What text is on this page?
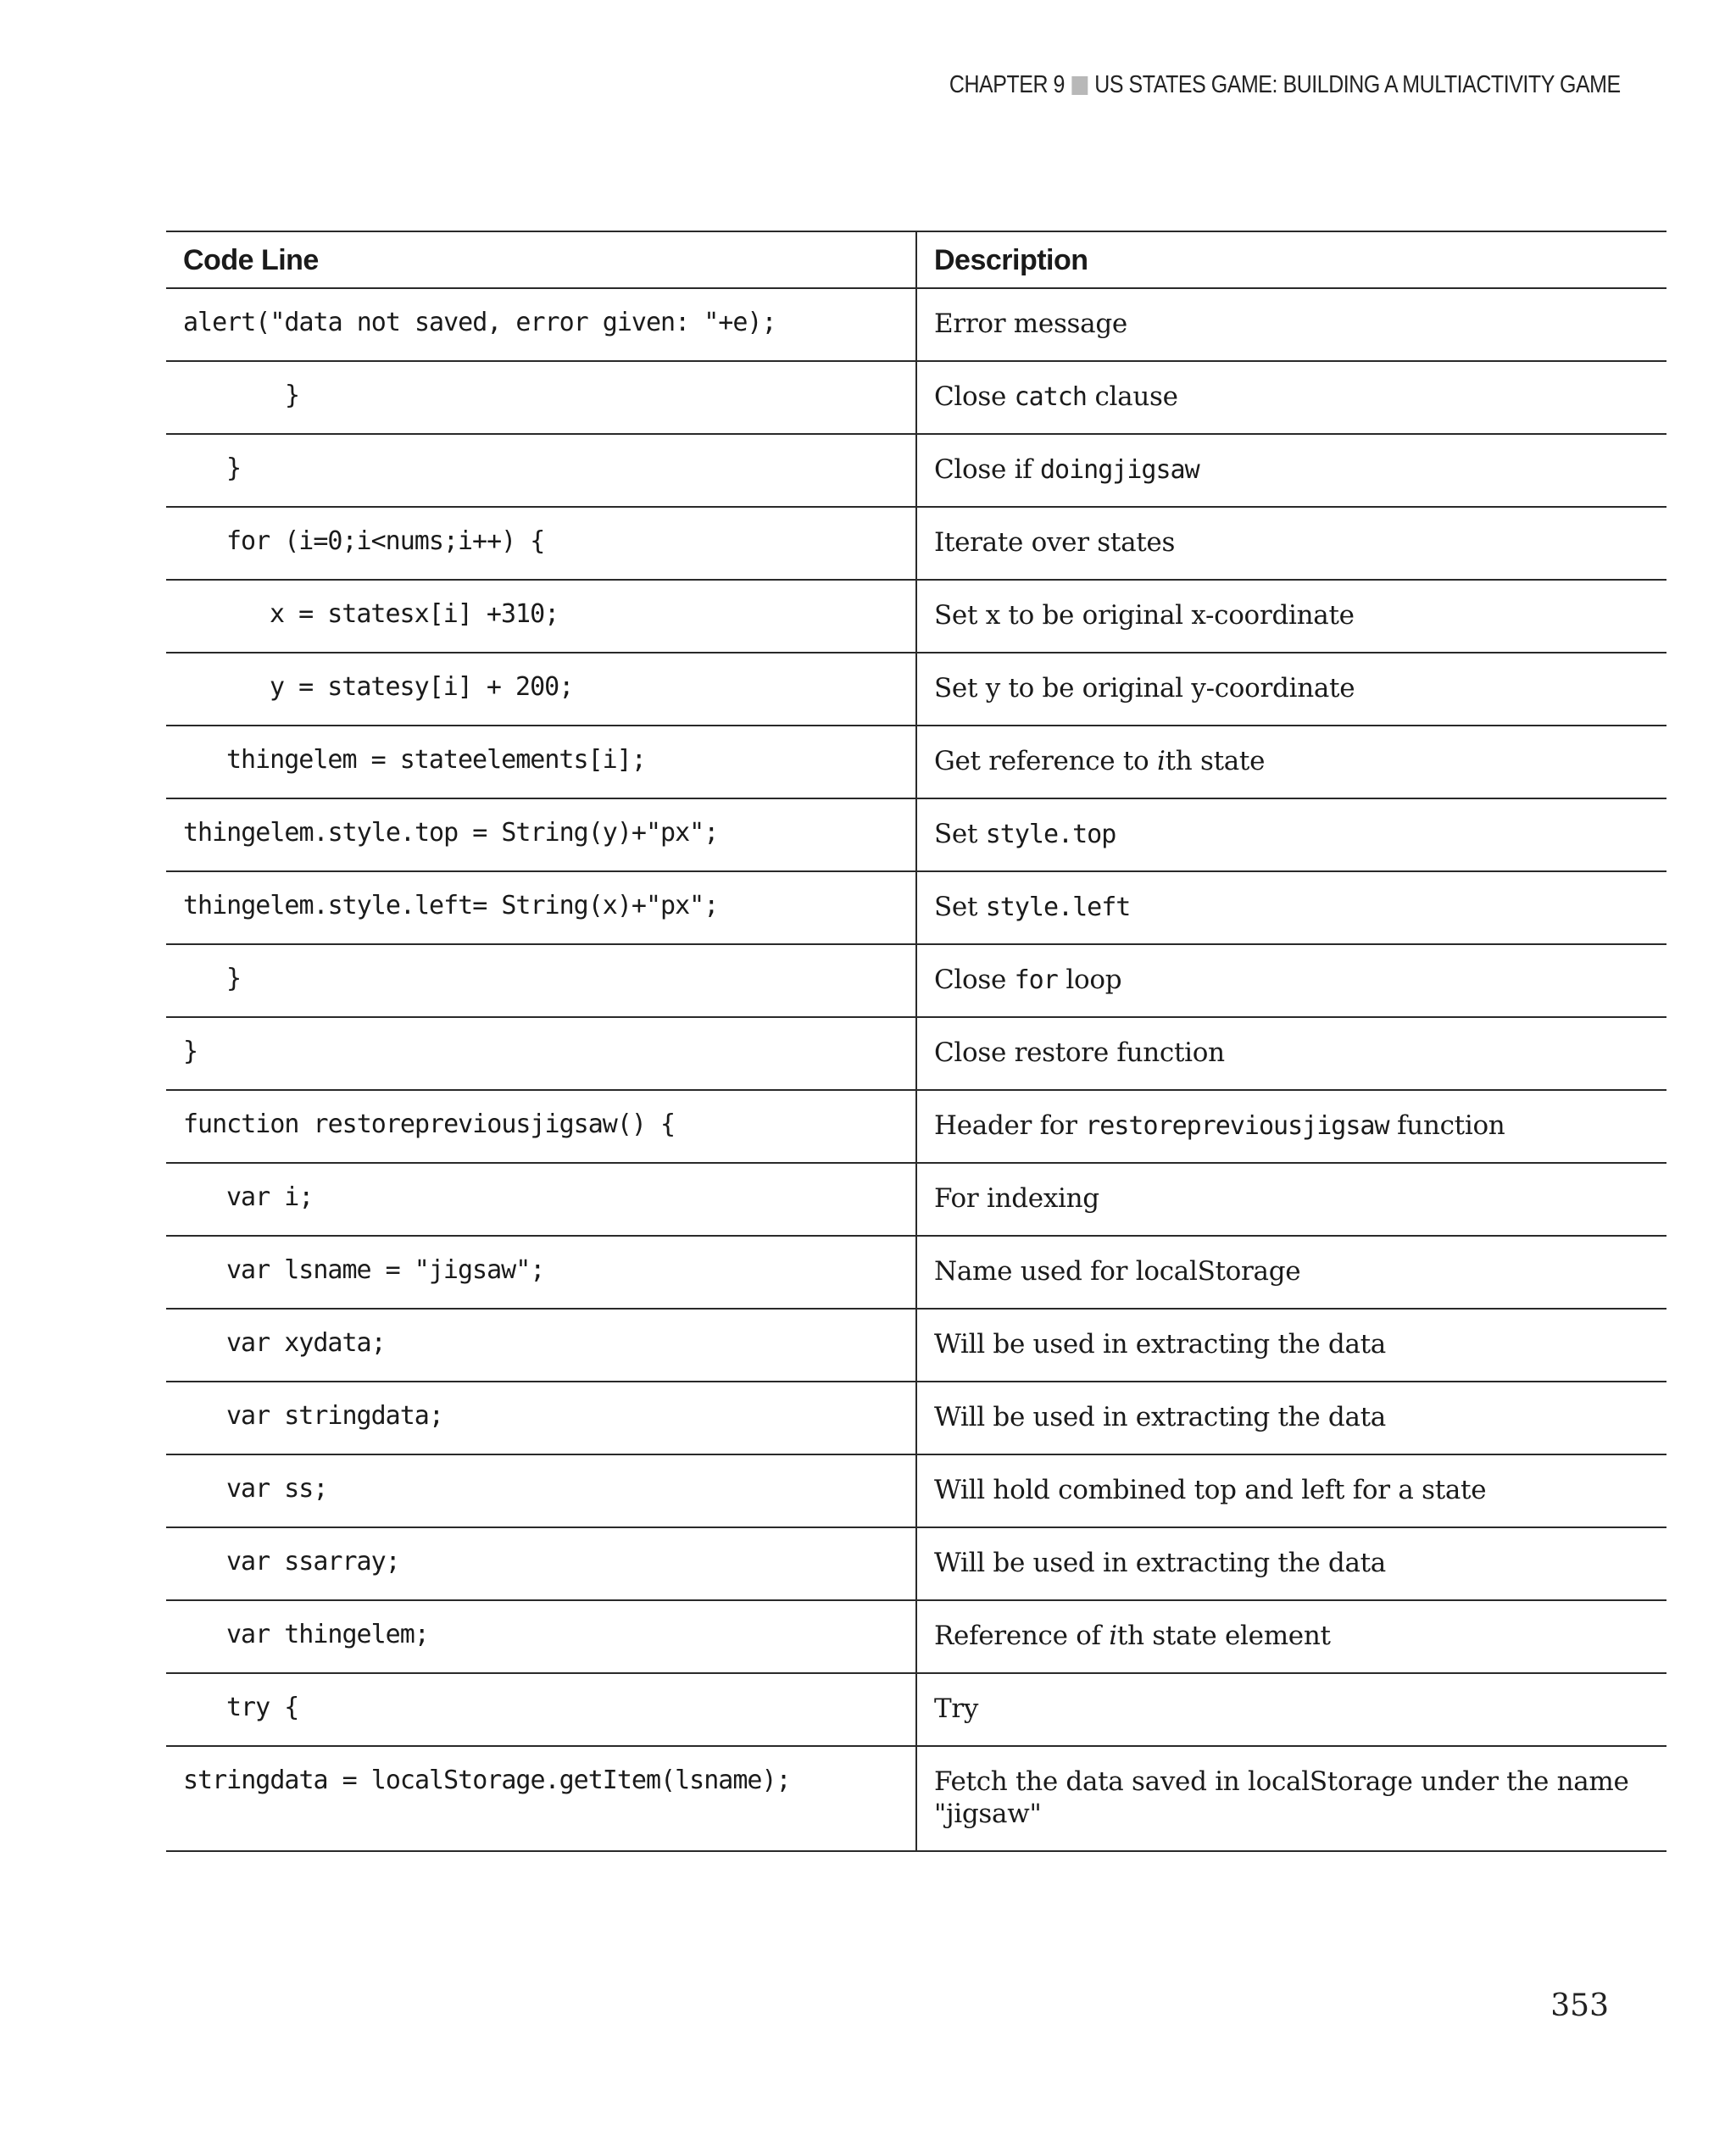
CHAPTER 9 US STATES GAME: BUILDING A MULTIACTIVITY GAME
Code Line	Description
alert("data not saved, error given: "+e);	Error message
}	Close catch clause
}	Close if doingjigsaw
for (i=0;i<nums;i++) {	Iterate over states
x = statesx[i] +310;	Set x to be original x-coordinate
y = statesy[i] + 200;	Set y to be original y-coordinate
thingelem = stateelements[i];	Get reference to ith state
thingelem.style.top = String(y)+"px";	Set style.top
thingelem.style.left= String(x)+"px";	Set style.left
}	Close for loop
}	Close restore function
function restorepreviousjigsaw() {	Header for restorepreviousjigsaw function
var i;	For indexing
var lsname = "jigsaw";	Name used for localStorage
var xydata;	Will be used in extracting the data
var stringdata;	Will be used in extracting the data
var ss;	Will hold combined top and left for a state
var ssarray;	Will be used in extracting the data
var thingelem;	Reference of ith state element
try {	Try
stringdata = localStorage.getItem(lsname);	Fetch the data saved in localStorage under the name "jigsaw"
353
